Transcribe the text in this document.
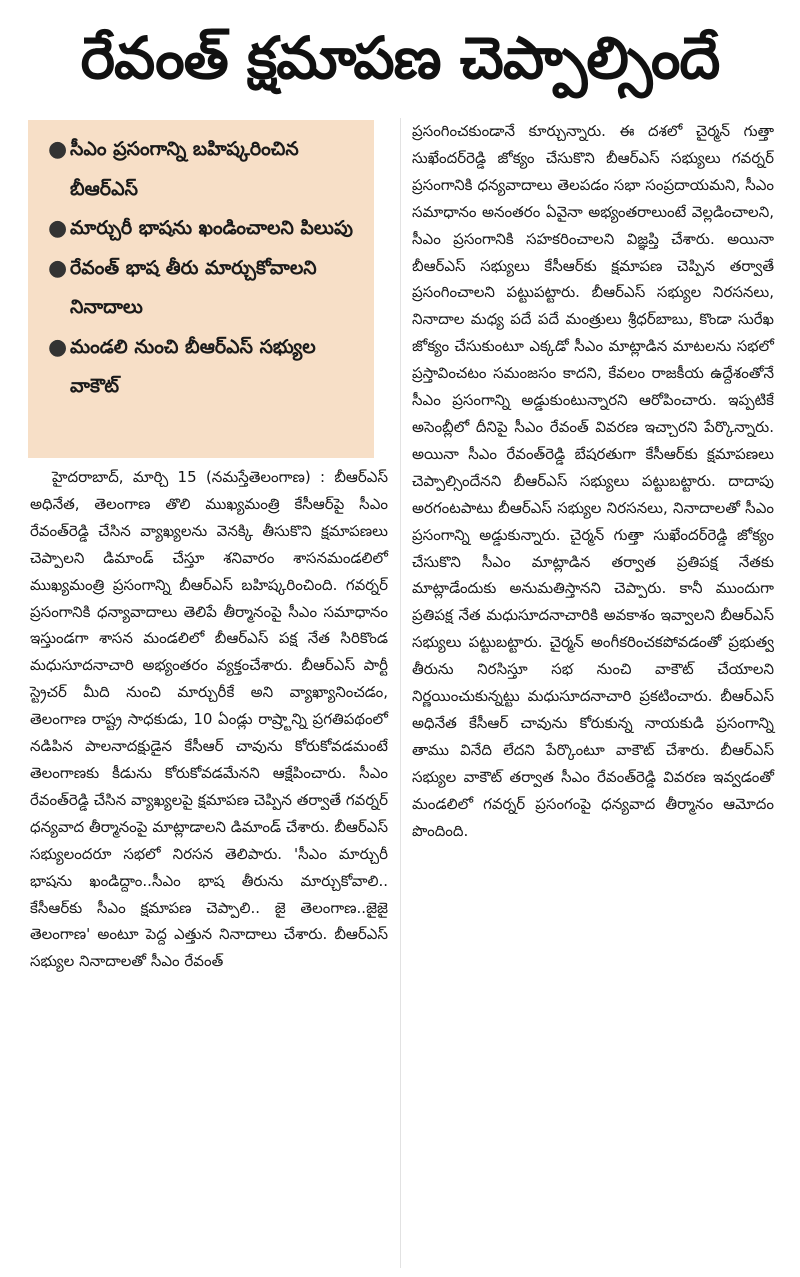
రేవంత్ క్షమాపణ చెప్పాల్సిందే
● సీఎం ప్రసంగాన్ని బహిష్కరించిన బీఆర్ఎస్
● మార్చురీ భాషను ఖండించాలని పిలుపు
● రేవంత్ భాష తీరు మార్చుకోవాలని నినాదాలు
● మండలి నుంచి బీఆర్ఎస్ సభ్యుల వాకౌట్

హైదరాబాద్, మార్చి 15 (నమస్తేతెలంగాణ) : బీఆర్ఎస్ అధినేత, తెలంగాణ తొలి ముఖ్యమంత్రి కేసీఆర్‌పై సీఎం రేవంత్‌రెడ్డి చేసిన వ్యాఖ్యలను వెనక్కి తీసుకొని క్షమాపణలు చెప్పాలని డిమాండ్ చేస్తూ శనివారం శాసనమండలిలో ముఖ్యమంత్రి ప్రసంగాన్ని బీఆర్ఎస్ బహిష్కరించింది. గవర్నర్ ప్రసంగానికి ధన్యావాదాలు తెలిపే తీర్మానంపై సీఎం సమాధానం ఇస్తుండగా శాసన మండలిలో బీఆర్ఎస్ పక్ష నేత సిరికొండ మధుసూదనాచారి అభ్యంతరం వ్యక్తంచేశారు. బీఆర్ఎస్ పార్టీ స్ట్రెచర్ మీది నుంచి మార్చురీకే అని వ్యాఖ్యానించడం, తెలంగాణ రాష్ట్ర సాధకుడు, 10 ఏండ్లు రాష్ర్టాన్ని ప్రగతిపథంలో నడిపిన పాలనాదక్షుడైన కేసీఆర్ చావును కోరుకోవడమంటే తెలంగాణకు కీడును కోరుకోవడమేనని ఆక్షేపించారు. సీఎం రేవంత్‌రెడ్డి చేసిన వ్యాఖ్యలపై క్షమాపణ చెప్పిన తర్వాతే గవర్నర్ ధన్యవాద తీర్మానంపై మాట్లాడాలని డిమాండ్ చేశారు. బీఆర్ఎస్ సభ్యులందరూ సభలో నిరసన తెలిపారు. 'సీఎం మార్చురీ భాషను ఖండిద్దాం..సీఎం భాష తీరును మార్చుకోవాలి.. కేసీఆర్‌కు సీఎం క్షమాపణ చెప్పాలి.. జై తెలంగాణ..జైజై తెలంగాణ' అంటూ పెద్ద ఎత్తున నినాదాలు చేశారు. బీఆర్ఎస్ సభ్యుల నినాదాలతో సీఎం రేవంత్

ప్రసంగించకుండానే కూర్చున్నారు. ఈ దశలో చైర్మన్ గుత్తా సుఖేందర్‌రెడ్డి జోక్యం చేసుకొని బీఆర్ఎస్ సభ్యులు గవర్నర్ ప్రసంగానికి ధన్యవాదాలు తెలపడం సభా సంప్రదాయమని, సీఎం సమాధానం అనంతరం ఏవైనా అభ్యంతరాలుంటే వెల్లడించాలని, సీఎం ప్రసంగానికి సహకరించాలని విజ్ఞప్తి చేశారు. అయినా బీఆర్ఎస్ సభ్యులు కేసీఆర్‌కు క్షమాపణ చెప్పిన తర్వాతే ప్రసంగించాలని పట్టుపట్టారు. బీఆర్ఎస్ సభ్యుల నిరసనలు, నినాదాల మధ్య పదే పదే మంత్రులు శ్రీధర్‌బాబు, కొండా సురేఖ జోక్యం చేసుకుంటూ ఎక్కడో సీఎం మాట్లాడిన మాటలను సభలో ప్రస్తావించటం సమంజసం కాదని, కేవలం రాజకీయ ఉద్దేశంతోనే సీఎం ప్రసంగాన్ని అడ్డుకుంటున్నారని ఆరోపించారు. ఇప్పటికే అసెంబ్లీలో దీనిపై సీఎం రేవంత్ వివరణ ఇచ్చారని పేర్కొన్నారు. అయినా సీఎం రేవంత్‌రెడ్డి బేషరతుగా కేసీఆర్‌కు క్షమాపణలు చెప్పాల్సిందేనని బీఆర్ఎస్ సభ్యులు పట్టుబట్టారు. దాదాపు అరగంటపాటు బీఆర్ఎస్ సభ్యుల నిరసనలు, నినాదాలతో సీఎం ప్రసంగాన్ని అడ్డుకున్నారు. చైర్మన్ గుత్తా సుఖేందర్‌రెడ్డి జోక్యం చేసుకొని సీఎం మాట్లాడిన తర్వాత ప్రతిపక్ష నేతకు మాట్లాడేందుకు అనుమతిస్తానని చెప్పారు. కానీ ముందుగా ప్రతిపక్ష నేత మధుసూదనాచారికి అవకాశం ఇవ్వాలని బీఆర్ఎస్ సభ్యులు పట్టుబట్టారు. చైర్మన్ అంగీకరించకపోవడంతో ప్రభుత్వ తీరును నిరసిస్తూ సభ నుంచి వాకౌట్ చేయాలని నిర్ణయించుకున్నట్టు మధుసూదనాచారి ప్రకటించారు. బీఆర్ఎస్ అధినేత కేసీఆర్ చావును కోరుకున్న నాయకుడి ప్రసంగాన్ని తాము వినేది లేదని పేర్కొంటూ వాకౌట్ చేశారు. బీఆర్ఎస్ సభ్యుల వాకౌట్ తర్వాత సీఎం రేవంత్‌రెడ్డి వివరణ ఇవ్వడంతో మండలిలో గవర్నర్ ప్రసంగంపై ధన్యవాద తీర్మానం ఆమోదం పొందింది.
